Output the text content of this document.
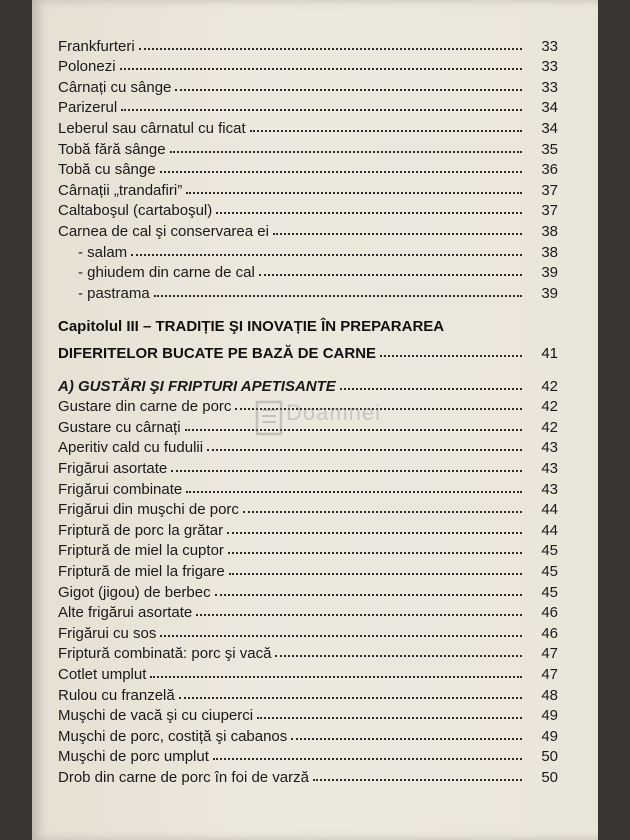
Frankfurteri	33
Polonezi	33
Cârnați cu sânge	33
Parizerul	34
Leberul sau cârnatul cu ficat	34
Tobă fără sânge	35
Tobă cu sânge	36
Cârnații „trandafiri”	37
Caltaboşul (cartaboşul)	37
Carnea de cal şi conservarea ei	38
- salam	38
- ghiudem din carne de cal	39
- pastrama	39
Capitolul III – TRADIȚIE ŞI INOVAȚIE ÎN PREPARAREA
DIFERITELOR BUCATE PE BAZĂ DE CARNE	41
A) GUSTĂRI ŞI FRIPTURI APETISANTE	42
Gustare din carne de porc	42
Gustare cu cârnați	42
Aperitiv cald cu fudulii	43
Frigărui asortate	43
Frigărui combinate	43
Frigărui din muşchi de porc	44
Friptură de porc la grătar	44
Friptură de miel la cuptor	45
Friptură de miel la frigare	45
Gigot (jigou) de berbec	45
Alte frigărui asortate	46
Frigărui cu sos	46
Friptură combinată: porc şi vacă	47
Cotlet umplut	47
Rulou cu franzelă	48
Muşchi de vacă şi cu ciuperci	49
Muşchi de porc, costiță şi cabanos	49
Muşchi de porc umplut	50
Drob din carne de porc în foi de varză	50
Doamnei
